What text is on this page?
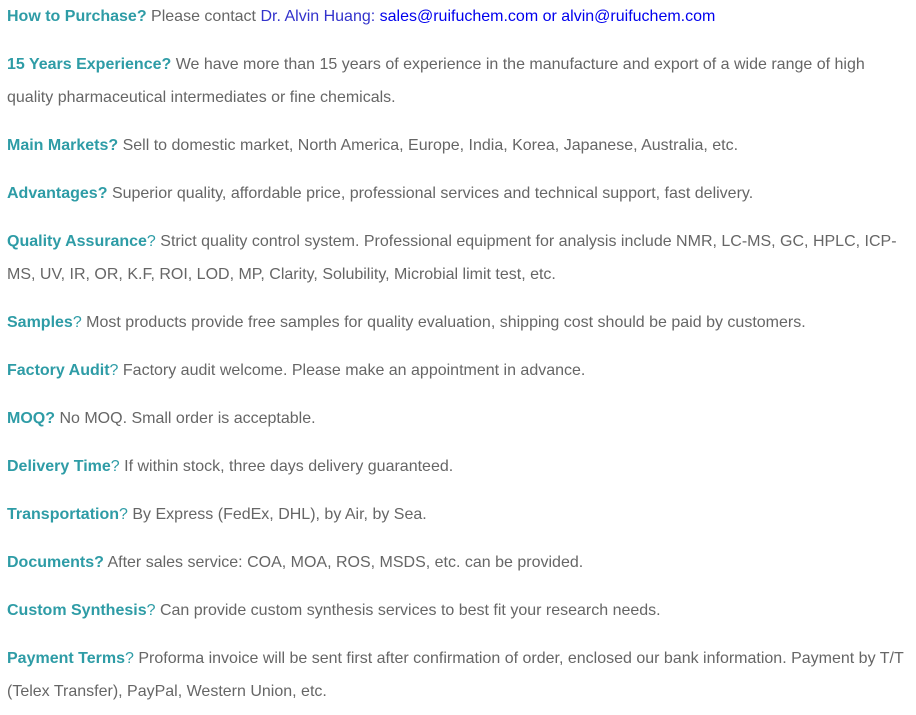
How to Purchase? Please contact Dr. Alvin Huang: sales@ruifuchem.com or alvin@ruifuchem.com

15 Years Experience? We have more than 15 years of experience in the manufacture and export of a wide range of high quality pharmaceutical intermediates or fine chemicals.

Main Markets? Sell to domestic market, North America, Europe, India, Korea, Japanese, Australia, etc.

Advantages? Superior quality, affordable price, professional services and technical support, fast delivery.

Quality Assurance? Strict quality control system. Professional equipment for analysis include NMR, LC-MS, GC, HPLC, ICP-MS, UV, IR, OR, K.F, ROI, LOD, MP, Clarity, Solubility, Microbial limit test, etc.

Samples? Most products provide free samples for quality evaluation, shipping cost should be paid by customers.

Factory Audit? Factory audit welcome. Please make an appointment in advance.

MOQ? No MOQ. Small order is acceptable.

Delivery Time? If within stock, three days delivery guaranteed.

Transportation? By Express (FedEx, DHL), by Air, by Sea.

Documents? After sales service: COA, MOA, ROS, MSDS, etc. can be provided.

Custom Synthesis? Can provide custom synthesis services to best fit your research needs.

Payment Terms? Proforma invoice will be sent first after confirmation of order, enclosed our bank information. Payment by T/T (Telex Transfer), PayPal, Western Union, etc.
